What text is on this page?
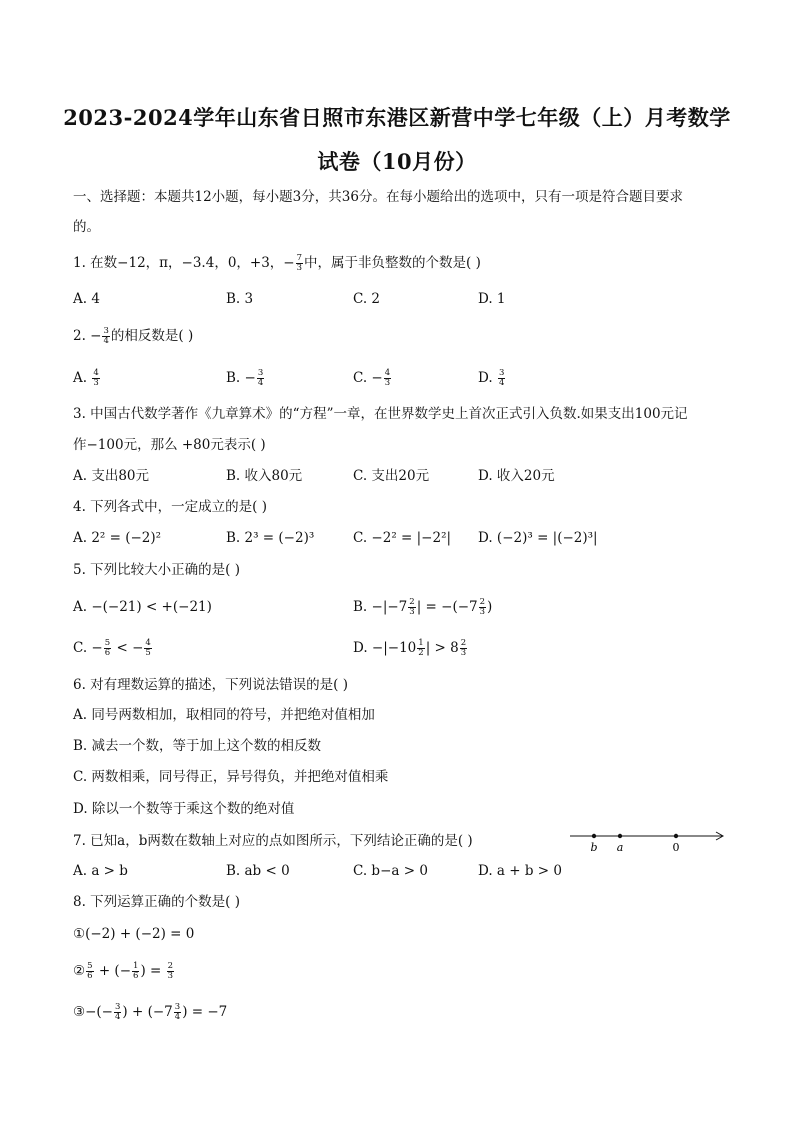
2023-2024学年山东省日照市东港区新营中学七年级（上）月考数学
试卷（10月份）
一、选择题：本题共12小题，每小题3分，共36分。在每小题给出的选项中，只有一项是符合题目要求
的。
1. 在数−12，π，−3.4，0，+3，− $\frac{7}{3}$ 中，属于非负整数的个数是( )
A. 4	B. 3	C. 2	D. 1
2. − $\frac{3}{4}$ 的相反数是( )
A. $\frac{4}{3}$	B. − $\frac{3}{4}$	C. − $\frac{4}{3}$	D. $\frac{3}{4}$
3. 中国古代数学著作《九章算术》的“方程”一章，在世界数学史上首次正式引入负数.如果支出100元记
作−100元，那么 +80元表示( )
A. 支出80元	B. 收入80元	C. 支出20元	D. 收入20元
4. 下列各式中，一定成立的是( )
A. 2² = (−2)²	B. 2³ = (−2)³	C. −2² = |−2²| D. (−2)³ = |(−2)³|
5. 下列比较大小正确的是( )
A. −(−21) < +(−21)	B. $-|-7 \frac{2}{3}$ | = $-(-7 \frac{2}{3}$ )
C. − $\frac{5}{6}$ < − $\frac{4}{5}$	D. $-|-10 \frac{1}{2}$ | > $8 \frac{2}{3}$
6. 对有理数运算的描述，下列说法错误的是( )
A. 同号两数相加，取相同的符号，并把绝对值相加
B. 减去一个数，等于加上这个数的相反数
C. 两数相乘，同号得正，异号得负，并把绝对值相乘
D. 除以一个数等于乘这个数的绝对值
7. 已知a，b两数在数轴上对应的点如图所示，下列结论正确的是( )	b a	0
A. a > b	B. ab < 0	C. b−a > 0	D. a + b > 0
8. 下列运算正确的个数是( )
①(−2) + (−2) = 0
② $\frac{5}{6}$ + (− $\frac{1}{6}$ ) = $\frac{2}{3}$
③−(− $\frac{3}{4}$ ) + ($-7 \frac{3}{4}$ ) = −7
